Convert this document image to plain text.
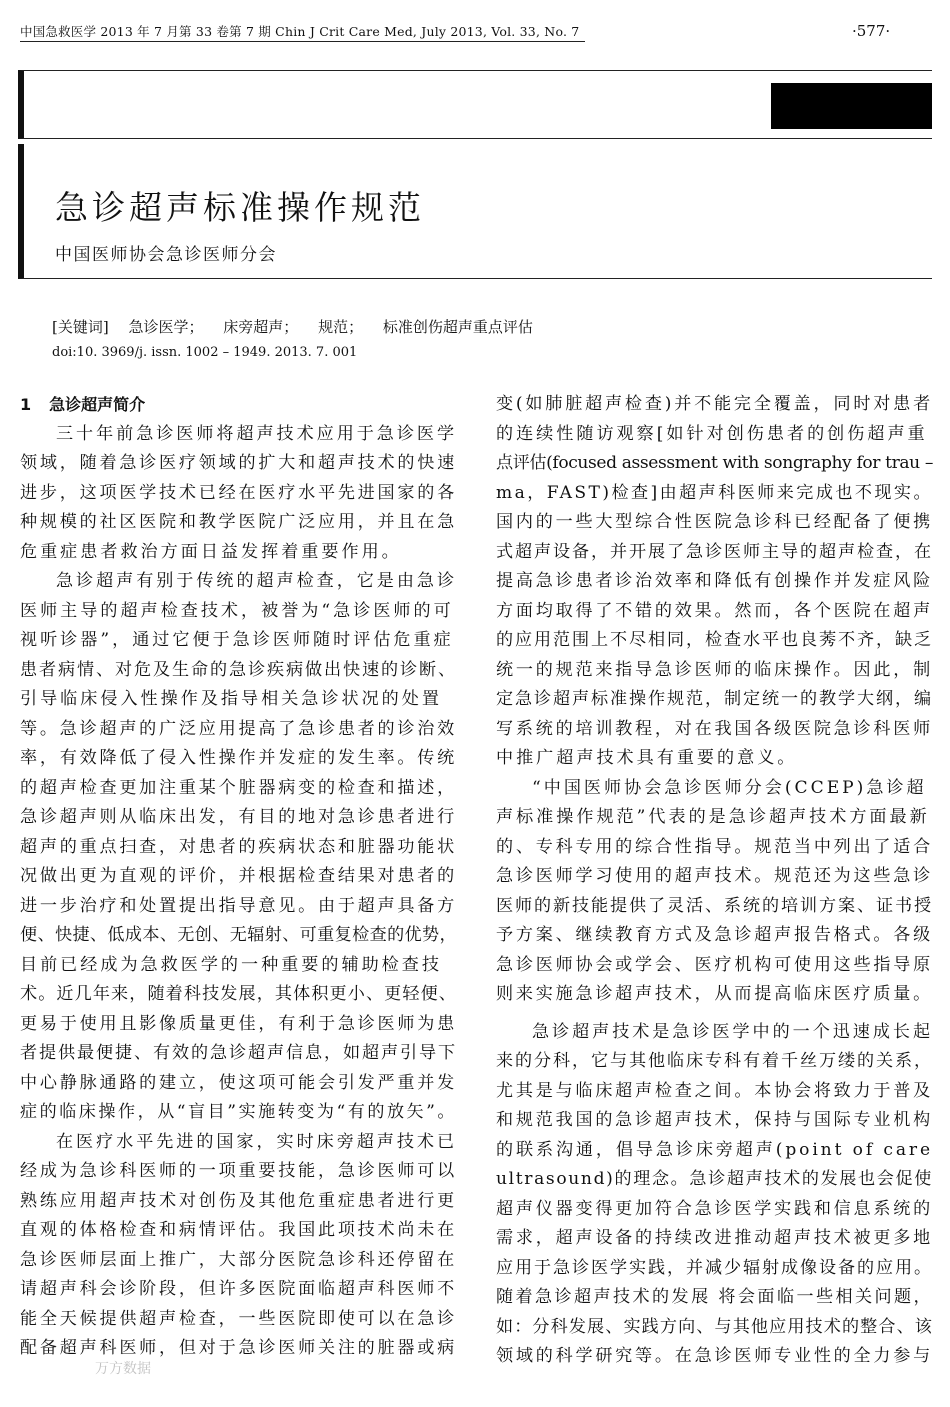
中国急救医学 2013 年 7 月第 33 卷第 7 期 Chin J Crit Care Med, July 2013, Vol. 33, No. 7	·577·
急诊超声标准操作规范
中国医师协会急诊医师分会
[关键词] 急诊医学； 床旁超声； 规范； 标准创伤超声重点评估
doi:10. 3969/j. issn. 1002 – 1949. 2013. 7. 001
1 急诊超声简介

三十年前急诊医师将超声技术应用于急诊医学

领域，随着急诊医疗领域的扩大和超声技术的快速

进步，这项医学技术已经在医疗水平先进国家的各

种规模的社区医院和教学医院广泛应用，并且在急

危重症患者救治方面日益发挥着重要作用。

急诊超声有别于传统的超声检查，它是由急诊

医师主导的超声检查技术，被誉为“急诊医师的可

视听诊器”，通过它便于急诊医师随时评估危重症

患者病情、对危及生命的急诊疾病做出快速的诊断、

引导临床侵入性操作及指导相关急诊状况的处置

等。急诊超声的广泛应用提高了急诊患者的诊治效

率，有效降低了侵入性操作并发症的发生率。传统

的超声检查更加注重某个脏器病变的检查和描述，

急诊超声则从临床出发，有目的地对急诊患者进行

超声的重点扫查，对患者的疾病状态和脏器功能状

况做出更为直观的评价，并根据检查结果对患者的

进一步治疗和处置提出指导意见。由于超声具备方

便、快捷、低成本、无创、无辐射、可重复检查的优势，

目前已经成为急救医学的一种重要的辅助检查技

术。近几年来，随着科技发展，其体积更小、更轻便、

更易于使用且影像质量更佳，有利于急诊医师为患

者提供最便捷、有效的急诊超声信息，如超声引导下

中心静脉通路的建立，使这项可能会引发严重并发

症的临床操作，从“盲目”实施转变为“有的放矢”。

在医疗水平先进的国家，实时床旁超声技术已

经成为急诊科医师的一项重要技能，急诊医师可以

熟练应用超声技术对创伤及其他危重症患者进行更

直观的体格检查和病情评估。我国此项技术尚未在

急诊医师层面上推广，大部分医院急诊科还停留在

请超声科会诊阶段，但许多医院面临超声科医师不

能全天候提供超声检查，一些医院即使可以在急诊

配备超声科医师，但对于急诊医师关注的脏器或病

变(如肺脏超声检查)并不能完全覆盖，同时对患者

的连续性随访观察[如针对创伤患者的创伤超声重

点评估(focused assessment with songraphy for trau –

ma，FAST)检查]由超声科医师来完成也不现实。

国内的一些大型综合性医院急诊科已经配备了便携

式超声设备，并开展了急诊医师主导的超声检查，在

提高急诊患者诊治效率和降低有创操作并发症风险

方面均取得了不错的效果。然而，各个医院在超声

的应用范围上不尽相同，检查水平也良莠不齐，缺乏

统一的规范来指导急诊医师的临床操作。因此，制

定急诊超声标准操作规范，制定统一的教学大纲，编

写系统的培训教程，对在我国各级医院急诊科医师

中推广超声技术具有重要的意义。

“中国医师协会急诊医师分会(CCEP)急诊超

声标准操作规范”代表的是急诊超声技术方面最新

的、专科专用的综合性指导。规范当中列出了适合

急诊医师学习使用的超声技术。规范还为这些急诊

医师的新技能提供了灵活、系统的培训方案、证书授

予方案、继续教育方式及急诊超声报告格式。各级

急诊医师协会或学会、医疗机构可使用这些指导原

则来实施急诊超声技术，从而提高临床医疗质量。

急诊超声技术是急诊医学中的一个迅速成长起

来的分科，它与其他临床专科有着千丝万缕的关系，

尤其是与临床超声检查之间。本协会将致力于普及

和规范我国的急诊超声技术，保持与国际专业机构

的联系沟通，倡导急诊床旁超声(point of care

ultrasound)的理念。急诊超声技术的发展也会促使

超声仪器变得更加符合急诊医学实践和信息系统的

需求，超声设备的持续改进推动超声技术被更多地

应用于急诊医学实践，并减少辐射成像设备的应用。

随着急诊超声技术的发展 将会面临一些相关问题，

如：分科发展、实践方向、与其他应用技术的整合、该

领域的科学研究等。在急诊医师专业性的全力参与

万方数据
